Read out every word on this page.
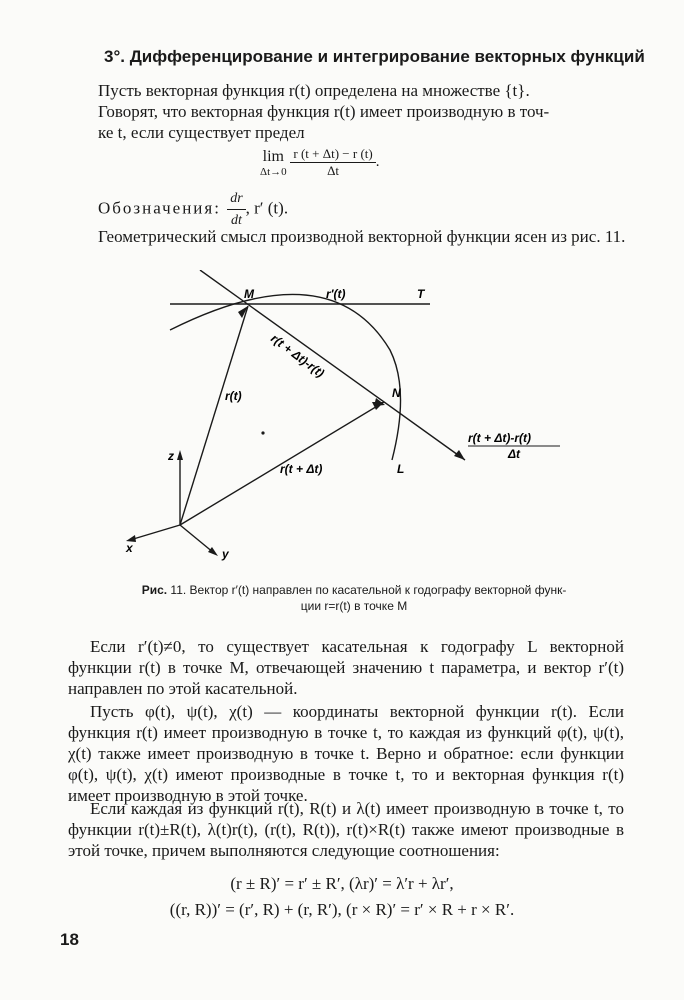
3°. Дифференцирование и интегрирование векторных функций
Пусть векторная функция r(t) определена на множестве {t}.
Говорят, что векторная функция r(t) имеет производную в точ-
ке t, если существует предел
lim
Δt→0
$\frac{r (t + \Delta t) - r (t)}{\Delta t}$ .
Обозначения: $\frac{dr}{dt}$ , r′ (t).
Геометрический смысл производной векторной функции ясен из рис. 11.
M	T
N
L
r′(t)
r(t)
r(t + Δt)
r(t + Δt)-r(t)
r(t + Δt)-r(t)
Δt
z
x	y
Рис. 11. Вектор r′(t) направлен по касательной к годографу векторной функ-
ции r=r(t) в точке M
Если r′(t)≠0, то существует касательная к годографу L векторной функции r(t) в точке M, отвечающей значению t параметра, и вектор r′(t) направлен по этой касательной.
Пусть φ(t), ψ(t), χ(t) — координаты векторной функции r(t). Если функция r(t) имеет производную в точке t, то каждая из функций φ(t), ψ(t), χ(t) также имеет производную в точке t. Верно и обратное: если функции φ(t), ψ(t), χ(t) имеют производные в точке t, то и векторная функция r(t) имеет производную в этой точке.
Если каждая из функций r(t), R(t) и λ(t) имеет производную в точке t, то функции r(t)±R(t), λ(t)r(t), (r(t), R(t)), r(t)×R(t) также имеют производные в этой точке, причем выполняются следующие соотношения:
(r ± R)′ = r′ ± R′, (λr)′ = λ′r + λr′,
((r, R))′ = (r′, R) + (r, R′), (r × R)′ = r′ × R + r × R′.
18
